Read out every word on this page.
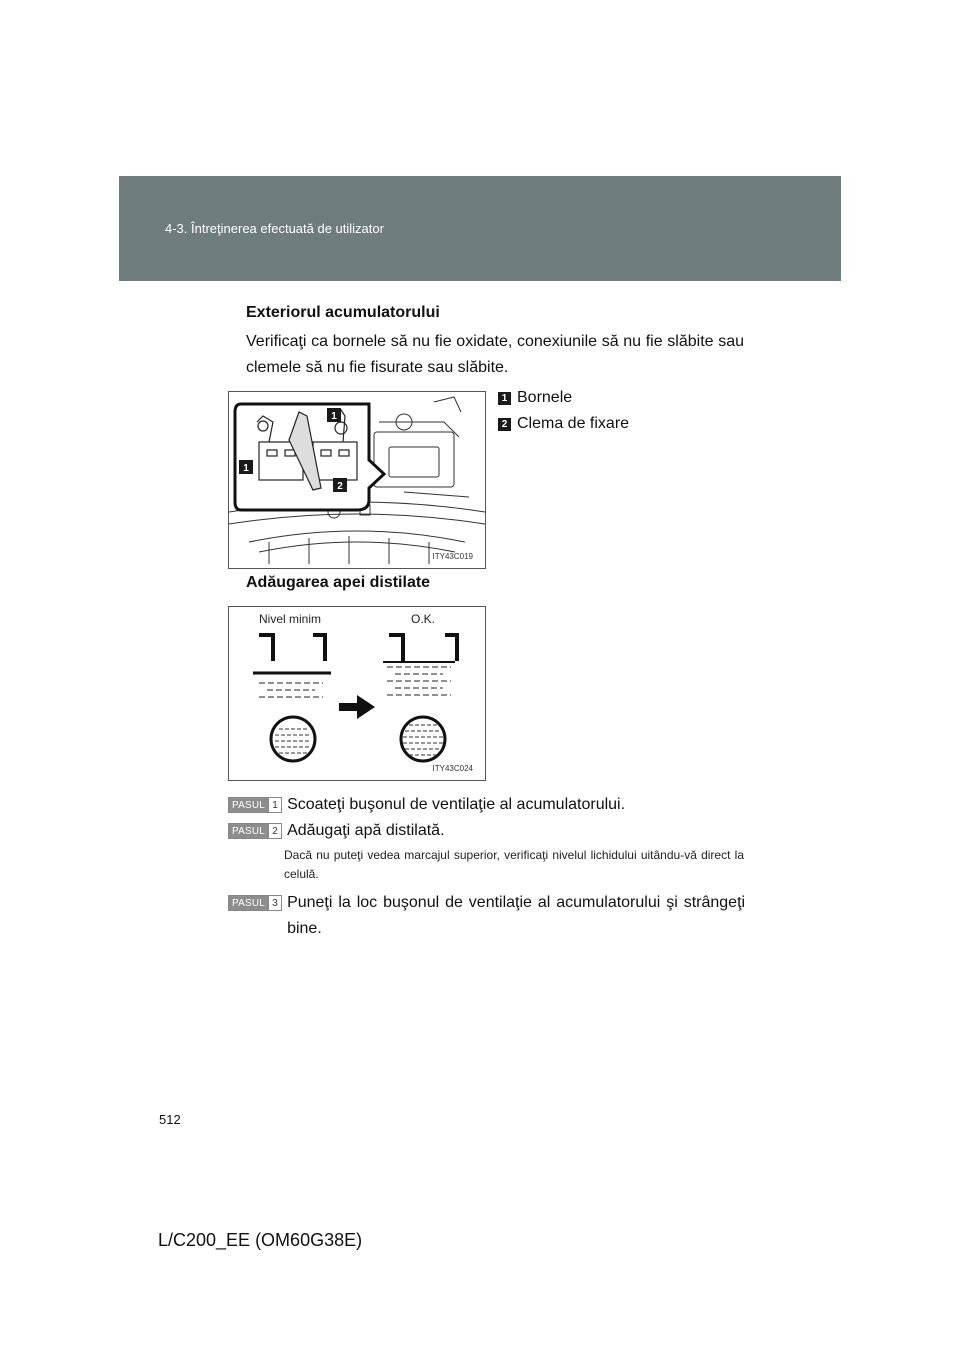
4-3. Întreţinerea efectuată de utilizator
Exteriorul acumulatorului
Verificaţi ca bornele să nu fie oxidate, conexiunile să nu fie slăbite sau clemele să nu fie fisurate sau slăbite.
1
1
2
ITY43C019
1 Bornele
2 Clema de fixare
Adăugarea apei distilate
Nivel minim	O.K.
ITY43C024
PASUL 1 Scoateţi buşonul de ventilaţie al acumulatorului.
PASUL 2 Adăugaţi apă distilată.
Dacă nu puteţi vedea marcajul superior, verificaţi nivelul lichidului uitându-vă direct la celulă.
PASUL 3 Puneţi la loc buşonul de ventilaţie al acumulatorului şi strângeţi bine.
512
L/C200_EE (OM60G38E)
